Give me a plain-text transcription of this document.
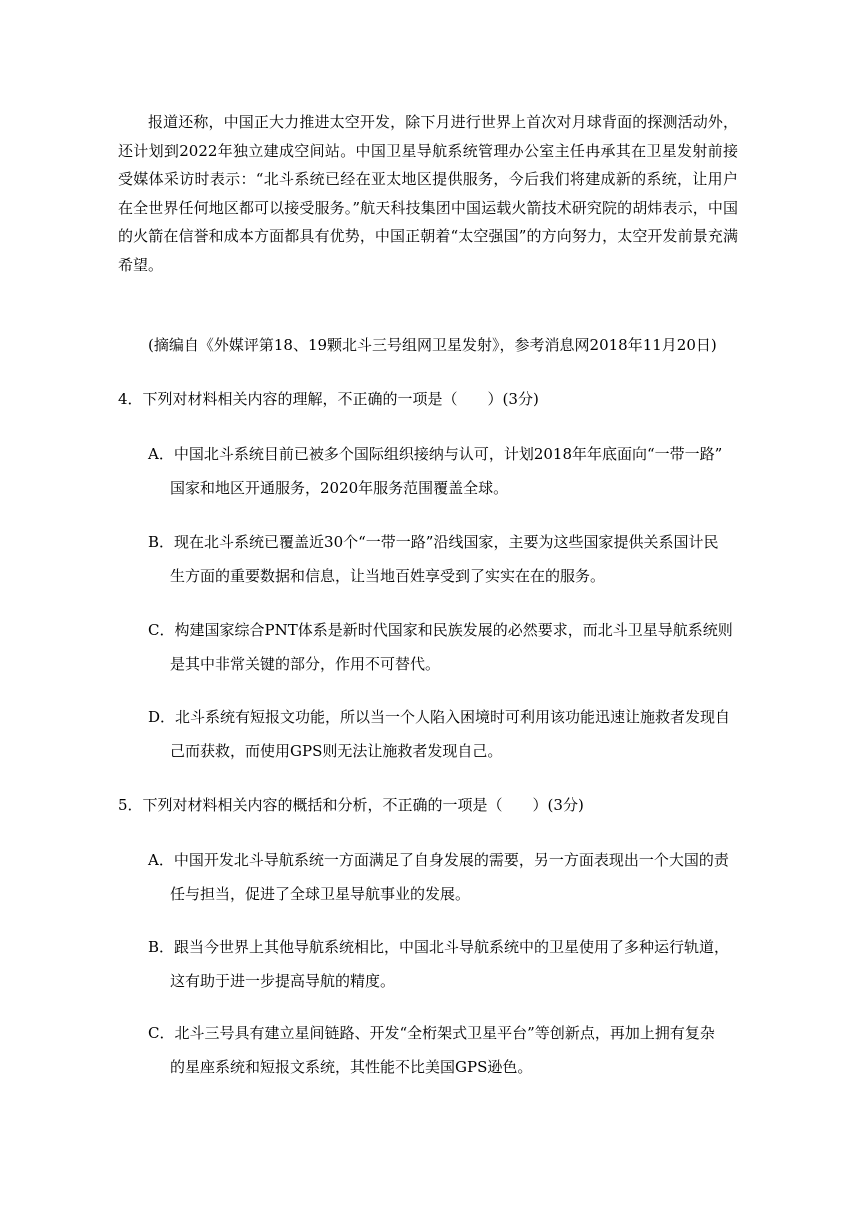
报道还称，中国正大力推进太空开发，除下月进行世界上首次对月球背面的探测活动外，还计划到2022年独立建成空间站。中国卫星导航系统管理办公室主任冉承其在卫星发射前接受媒体采访时表示：“北斗系统已经在亚太地区提供服务，今后我们将建成新的系统，让用户在全世界任何地区都可以接受服务。”航天科技集团中国运载火箭技术研究院的胡炜表示，中国的火箭在信誉和成本方面都具有优势，中国正朝着“太空强国”的方向努力，太空开发前景充满希望。

(摘编自《外媒评第18、19颗北斗三号组网卫星发射》，参考消息网2018年11月20日)

4．下列对材料相关内容的理解，不正确的一项是（　　）(3分)

A．中国北斗系统目前已被多个国际组织接纳与认可，计划2018年年底面向“一带一路”
国家和地区开通服务，2020年服务范围覆盖全球。
B．现在北斗系统已覆盖近30个“一带一路”沿线国家，主要为这些国家提供关系国计民
生方面的重要数据和信息，让当地百姓享受到了实实在在的服务。
C．构建国家综合PNT体系是新时代国家和民族发展的必然要求，而北斗卫星导航系统则
是其中非常关键的部分，作用不可替代。
D．北斗系统有短报文功能，所以当一个人陷入困境时可利用该功能迅速让施救者发现自
己而获救，而使用GPS则无法让施救者发现自己。

5．下列对材料相关内容的概括和分析，不正确的一项是（　　）(3分)

A．中国开发北斗导航系统一方面满足了自身发展的需要，另一方面表现出一个大国的责
任与担当，促进了全球卫星导航事业的发展。
B．跟当今世界上其他导航系统相比，中国北斗导航系统中的卫星使用了多种运行轨道，
这有助于进一步提高导航的精度。
C．北斗三号具有建立星间链路、开发“全桁架式卫星平台”等创新点，再加上拥有复杂
的星座系统和短报文系统，其性能不比美国GPS逊色。
